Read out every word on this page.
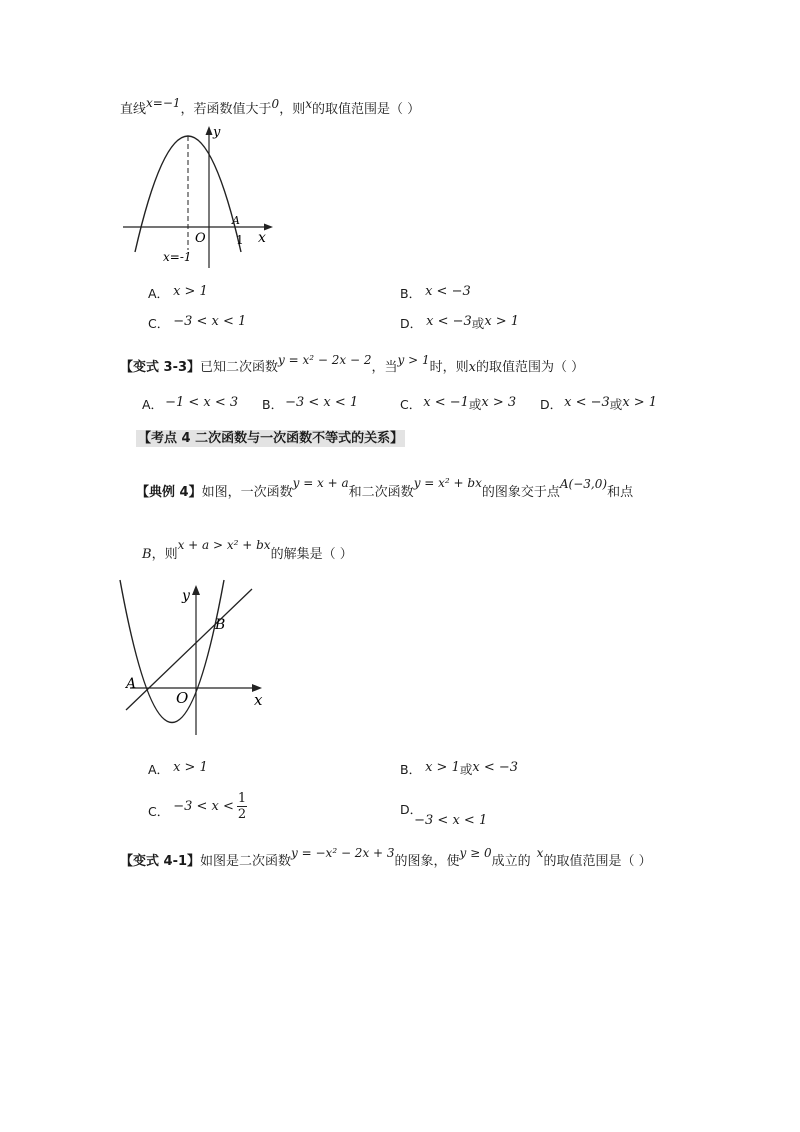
直线x=−1，若函数值大于0，则x的取值范围是（ ）
y
x
O
A
1
x=-1
A． x > 1	B． x < −3
C． −3 < x < 1	D． x < −3或x > 1
【变式 3-3】已知二次函数y = x² − 2x − 2，当y > 1时，则x的取值范围为（ ）
A． −1 < x < 3 B． −3 < x < 1	C． x < −1或x > 3 D． x < −3或x > 1
【考点 4 二次函数与一次函数不等式的关系】
【典例 4】如图，一次函数y = x + a和二次函数y = x² + bx的图象交于点A(−3,0)和点
B，则x + a > x² + bx的解集是（ ）
y
x
O
A
B
A． x > 1	B． x > 1或x < −3
C． $-3 < x < \frac{1}{2}$	D．−3 < x < 1
【变式 4-1】如图是二次函数y = −x² − 2x + 3的图象，使y ≥ 0成立的x的取值范围是（ ）
